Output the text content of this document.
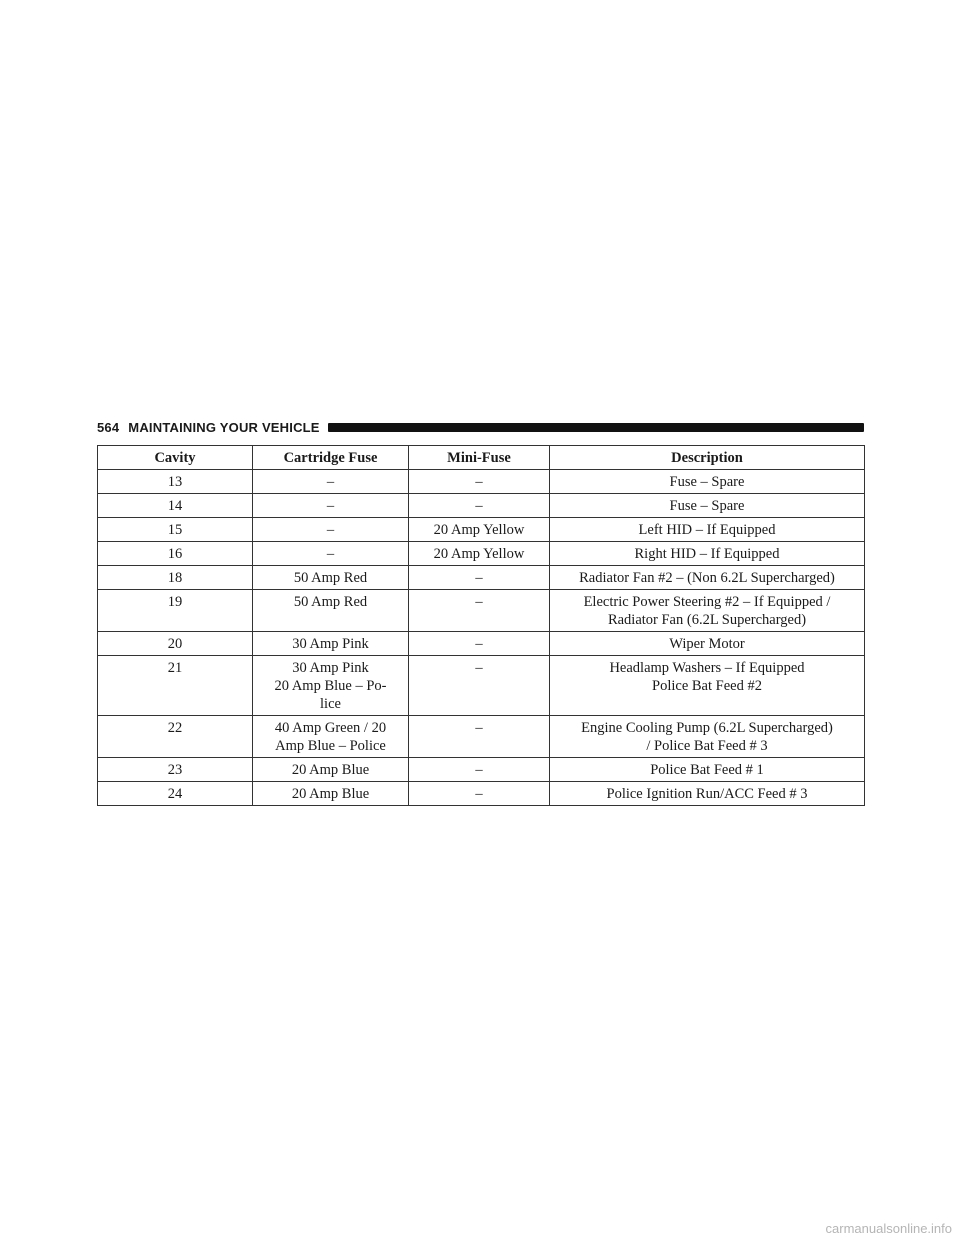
564 MAINTAINING YOUR VEHICLE
Cavity	Cartridge Fuse	Mini-Fuse	Description
13	–	–	Fuse – Spare

14	–	–	Fuse – Spare

15	–	20 Amp Yellow	Left HID – If Equipped

16	–	20 Amp Yellow	Right HID – If Equipped

18	50 Amp Red	–	Radiator Fan #2 – (Non 6.2L Supercharged)

19	50 Amp Red	–	Electric Power Steering #2 – If Equipped /
Radiator Fan (6.2L Supercharged)

20	30 Amp Pink	–	Wiper Motor

21	30 Amp Pink
20 Amp Blue – Po-
lice	–	Headlamp Washers – If Equipped
Police Bat Feed #2

22	40 Amp Green / 20
Amp Blue – Police	–	Engine Cooling Pump (6.2L Supercharged)
/ Police Bat Feed # 3

23	20 Amp Blue	–	Police Bat Feed # 1

24	20 Amp Blue	–	Police Ignition Run/ACC Feed # 3
carmanualsonline.info
